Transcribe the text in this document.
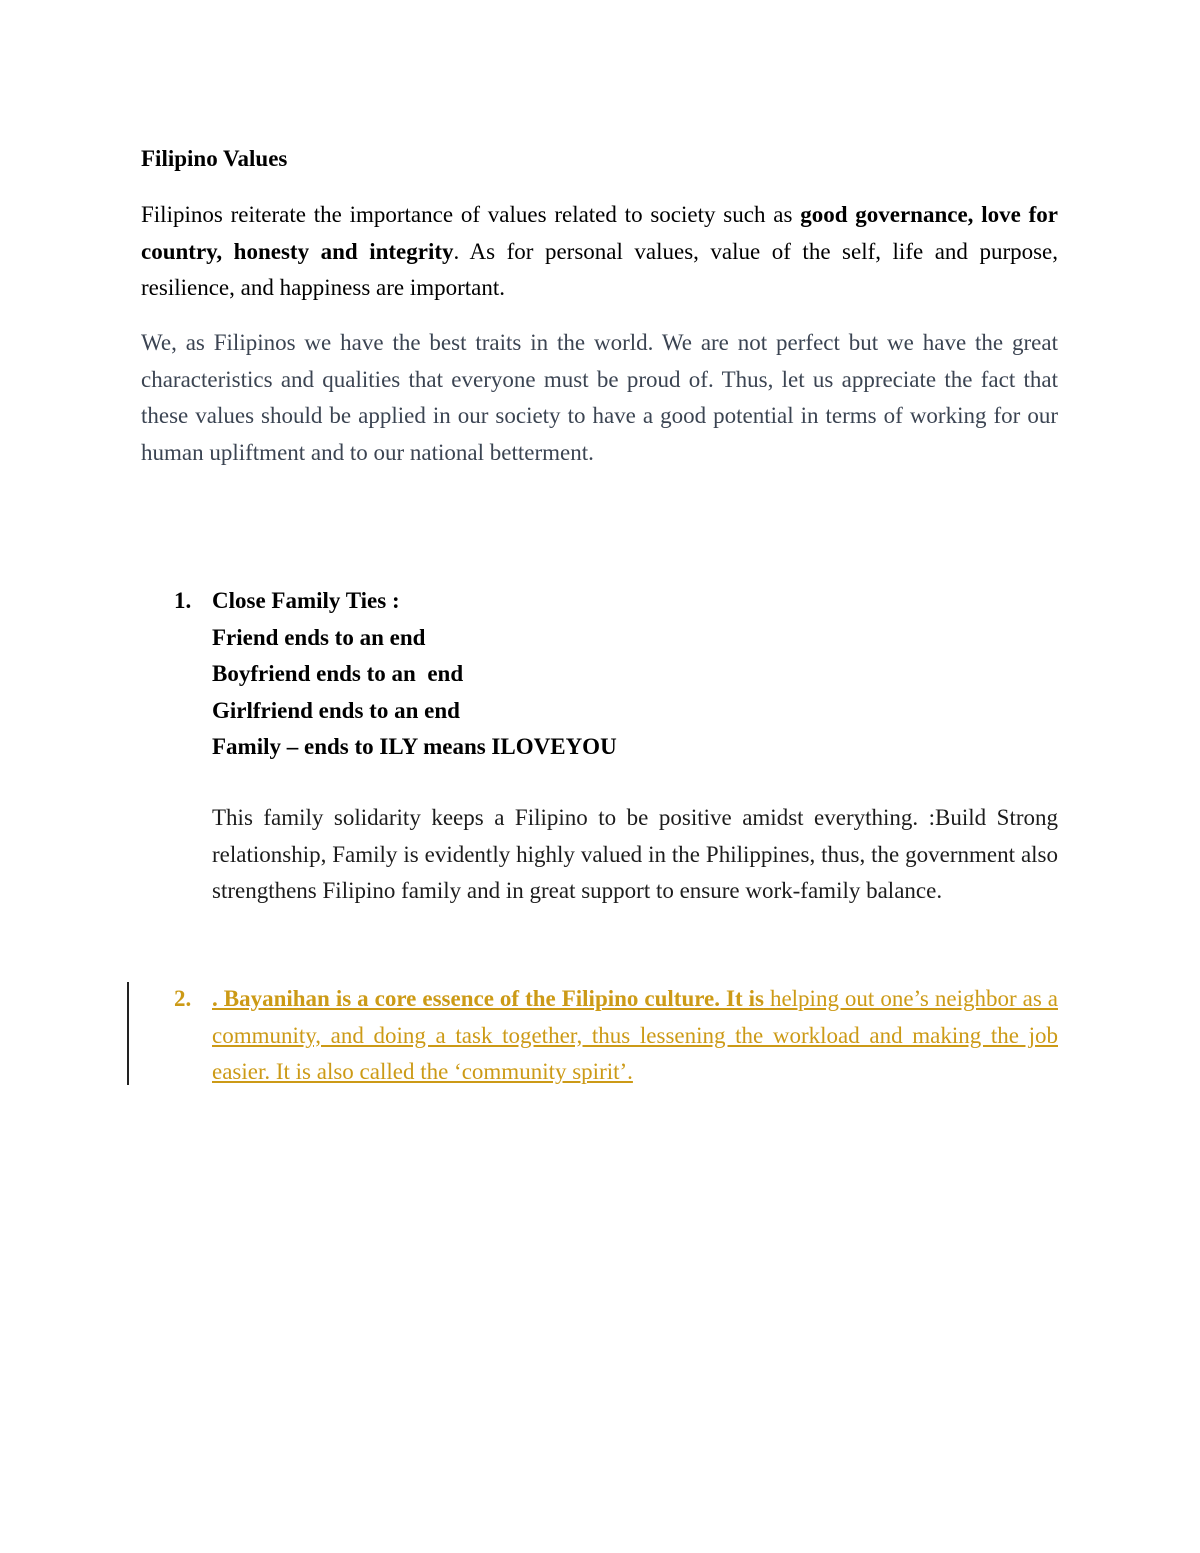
Filipino Values

Filipinos reiterate the importance of values related to society such as good governance, love for country, honesty and integrity. As for personal values, value of the self, life and purpose, resilience, and happiness are important.

We, as Filipinos we have the best traits in the world. We are not perfect but we have the great characteristics and qualities that everyone must be proud of. Thus, let us appreciate the fact that these values should be applied in our society to have a good potential in terms of working for our human upliftment and to our national betterment.

1. Close Family Ties :
Friend ends to an end
Boyfriend ends to an  end
Girlfriend ends to an end
Family – ends to ILY means ILOVEYOU

This family solidarity keeps a Filipino to be positive amidst everything. :Build Strong relationship, Family is evidently highly valued in the Philippines, thus, the government also strengthens Filipino family and in great support to ensure work-family balance.

2. . Bayanihan is a core essence of the Filipino culture. It is helping out one’s neighbor as a community, and doing a task together, thus lessening the workload and making the job easier. It is also called the ‘community spirit’.
